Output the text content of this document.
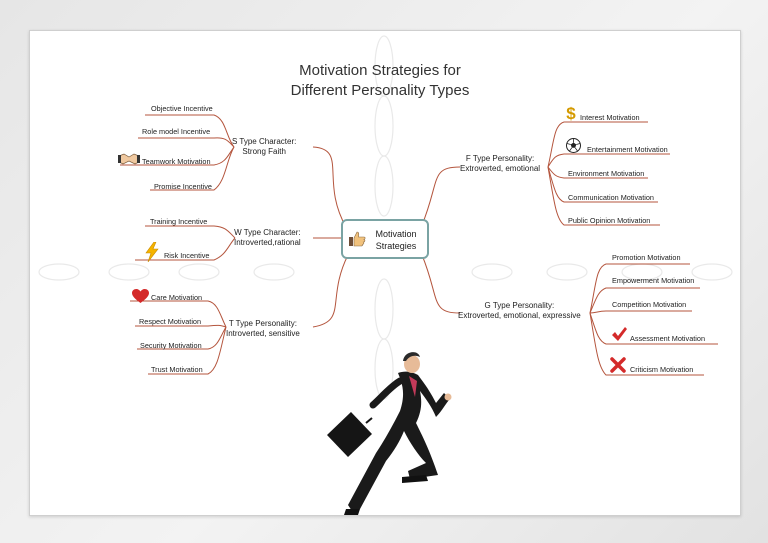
Motivation Strategies for
Different Personality Types
Motivation
Strategies
S Type Character:
Strong Faith
W Type Character:
Introverted,rational
T Type Personality:
Introverted, sensitive
F Type Personality:
Extroverted, emotional
G Type Personality:
Extroverted, emotional, expressive
Objective Incentive
Role model Incentive
Teamwork Motivation
Promise Incentive
Training Incentive
Risk Incentive
Care Motivation
Respect Motivation
Security Motivation
Trust Motivation
$ Interest Motivation
Entertainment Motivation
Environment Motivation
Communication Motivation
Public Opinion Motivation
Promotion Motivation
Empowerment Motivation
Competition Motivation
Assessment Motivation
Criticism Motivation
